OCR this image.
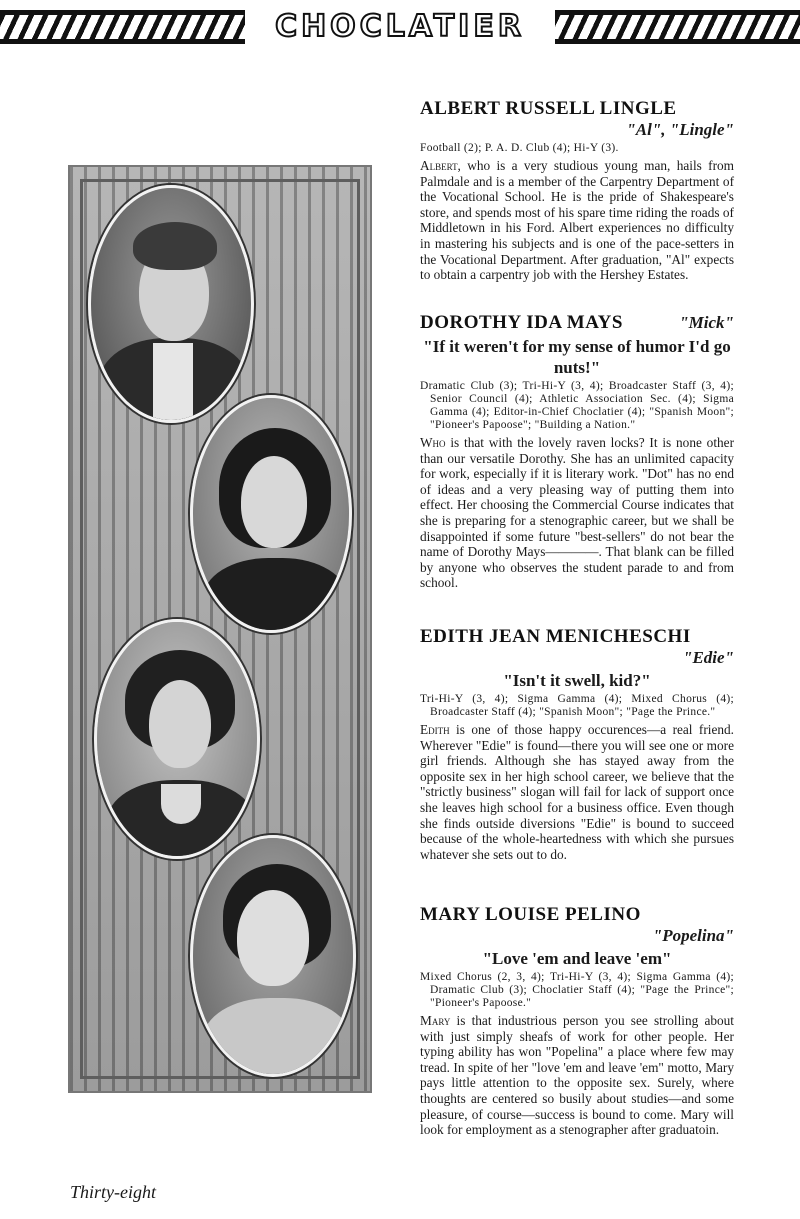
CHOCLATIER
ALBERT RUSSELL LINGLE

"Al", "Lingle"

Football (2); P. A. D. Club (4); Hi-Y (3).

Albert, who is a very studious young man, hails from Palmdale and is a member of the Carpentry Department of the Vocational School. He is the pride of Shakespeare's store, and spends most of his spare time riding the roads of Middletown in his Ford. Albert experiences no difficulty in mastering his subjects and is one of the pace-setters in the Vocational Department. After graduation, "Al" expects to obtain a carpentry job with the Hershey Estates.

DOROTHY IDA MAYS	"Mick"

"If it weren't for my sense of humor I'd go nuts!"

Dramatic Club (3); Tri-Hi-Y (3, 4); Broadcaster Staff (3, 4); Senior Council (4); Athletic Association Sec. (4); Sigma Gamma (4); Editor-in-Chief Choclatier (4); "Spanish Moon"; "Pioneer's Papoose"; "Building a Nation."

Who is that with the lovely raven locks? It is none other than our versatile Dorothy. She has an unlimited capacity for work, especially if it is literary work. "Dot" has no end of ideas and a very pleasing way of putting them into effect. Her choosing the Commercial Course indicates that she is preparing for a stenographic career, but we shall be disappointed if some future "best-sellers" do not bear the name of Dorothy Mays————. That blank can be filled by anyone who observes the student parade to and from school.

EDITH JEAN MENICHESCHI

"Edie"

"Isn't it swell, kid?"

Tri-Hi-Y (3, 4); Sigma Gamma (4); Mixed Chorus (4); Broadcaster Staff (4); "Spanish Moon"; "Page the Prince."

Edith is one of those happy occurences—a real friend. Wherever "Edie" is found—there you will see one or more girl friends. Although she has stayed away from the opposite sex in her high school career, we believe that the "strictly business" slogan will fail for lack of support once she leaves high school for a business office. Even though she finds outside diversions "Edie" is bound to succeed because of the whole-heartedness with which she pursues whatever she sets out to do.

MARY LOUISE PELINO

"Popelina"

"Love 'em and leave 'em"

Mixed Chorus (2, 3, 4); Tri-Hi-Y (3, 4); Sigma Gamma (4); Dramatic Club (3); Choclatier Staff (4); "Page the Prince"; "Pioneer's Papoose."

Mary is that industrious person you see strolling about with just simply sheafs of work for other people. Her typing ability has won "Popelina" a place where few may tread. In spite of her "love 'em and leave 'em" motto, Mary pays little attention to the opposite sex. Surely, where thoughts are centered so busily about studies—and some pleasure, of course—success is bound to come. Mary will look for employment as a stenographer after graduatoin.

Thirty-eight
